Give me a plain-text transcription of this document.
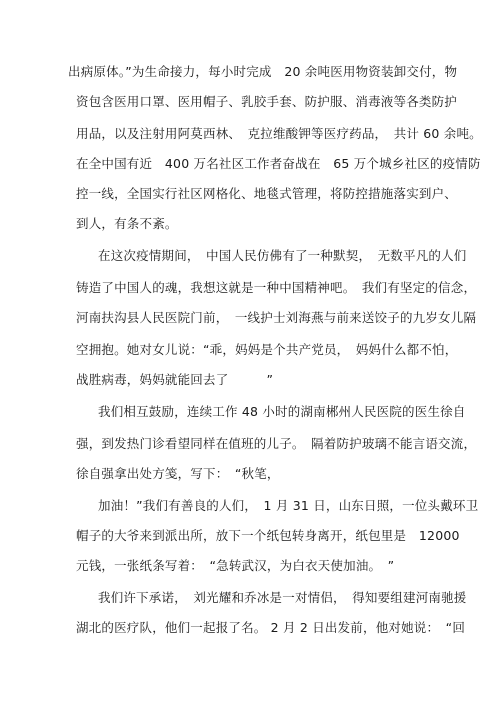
出病原体。”为生命接力，每小时完成　20 余吨医用物资装卸交付，物
资包含医用口罩、医用帽子、乳胶手套、防护服、消毒液等各类防护
用品，以及注射用阿莫西林、　克拉维酸钾等医疗药品，　共计 60 余吨。
在全中国有近　400 万名社区工作者奋战在　65 万个城乡社区的疫情防
控一线，全国实行社区网格化、地毯式管理，将防控措施落实到户、
到人，有条不紊。
在这次疫情期间，　中国人民仿佛有了一种默契，　无数平凡的人们
铸造了中国人的魂，我想这就是一种中国精神吧。　我们有坚定的信念，
河南扶沟县人民医院门前，　一线护士刘海燕与前来送饺子的九岁女儿隔
空拥抱。她对女儿说：“乖，妈妈是个共产党员，　妈妈什么都不怕，
战胜病毒，妈妈就能回去了　　　”
我们相互鼓励，连续工作 48 小时的湖南郴州人民医院的医生徐自
强，到发热门诊看望同样在值班的儿子。　隔着防护玻璃不能言语交流，
徐自强拿出处方笺，写下：　“秋笔，
加油！”我们有善良的人们，　1 月 31 日，山东日照，一位头戴环卫
帽子的大爷来到派出所，放下一个纸包转身离开，纸包里是　12000
元钱，一张纸条写着：　“急转武汉，为白衣天使加油。　”
我们许下承诺，　刘光耀和乔冰是一对情侣，　得知要组建河南驰援
湖北的医疗队，他们一起报了名。 2 月 2 日出发前，他对她说：　“回
